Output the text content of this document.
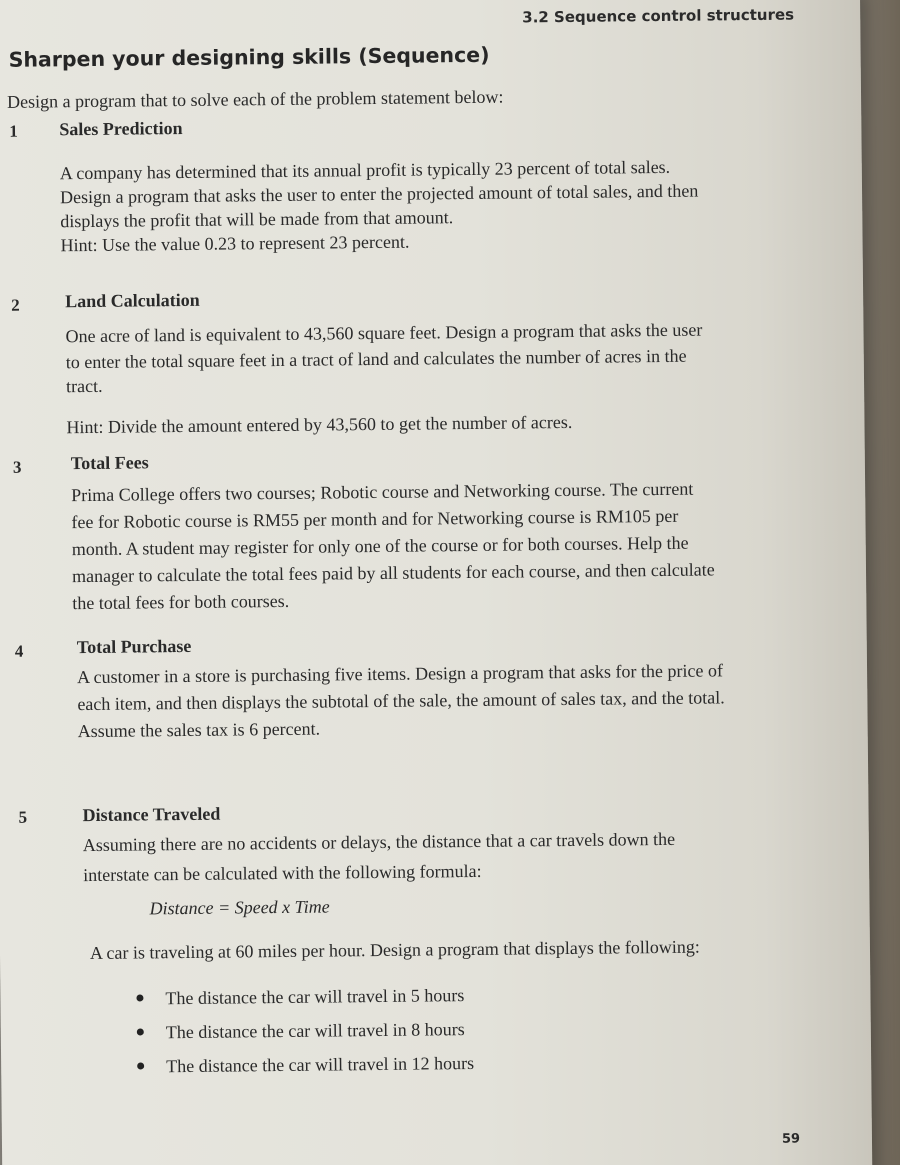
3.2 Sequence control structures
Sharpen your designing skills (Sequence)
Design a program that to solve each of the problem statement below:
1 Sales Prediction
A company has determined that its annual profit is typically 23 percent of total sales.
Design a program that asks the user to enter the projected amount of total sales, and then
displays the profit that will be made from that amount.
Hint: Use the value 0.23 to represent 23 percent.
2	Land Calculation
One acre of land is equivalent to 43,560 square feet. Design a program that asks the user
to enter the total square feet in a tract of land and calculates the number of acres in the
tract.
Hint: Divide the amount entered by 43,560 to get the number of acres.
3	Total Fees
Prima College offers two courses; Robotic course and Networking course. The current
fee for Robotic course is RM55 per month and for Networking course is RM105 per
month. A student may register for only one of the course or for both courses. Help the
manager to calculate the total fees paid by all students for each course, and then calculate
the total fees for both courses.
4	Total Purchase
A customer in a store is purchasing five items. Design a program that asks for the price of
each item, and then displays the subtotal of the sale, the amount of sales tax, and the total.
Assume the sales tax is 6 percent.
5	Distance Traveled
Assuming there are no accidents or delays, the distance that a car travels down the
interstate can be calculated with the following formula:
Distance = Speed x Time
A car is traveling at 60 miles per hour. Design a program that displays the following:
The distance the car will travel in 5 hours
The distance the car will travel in 8 hours
The distance the car will travel in 12 hours
59
